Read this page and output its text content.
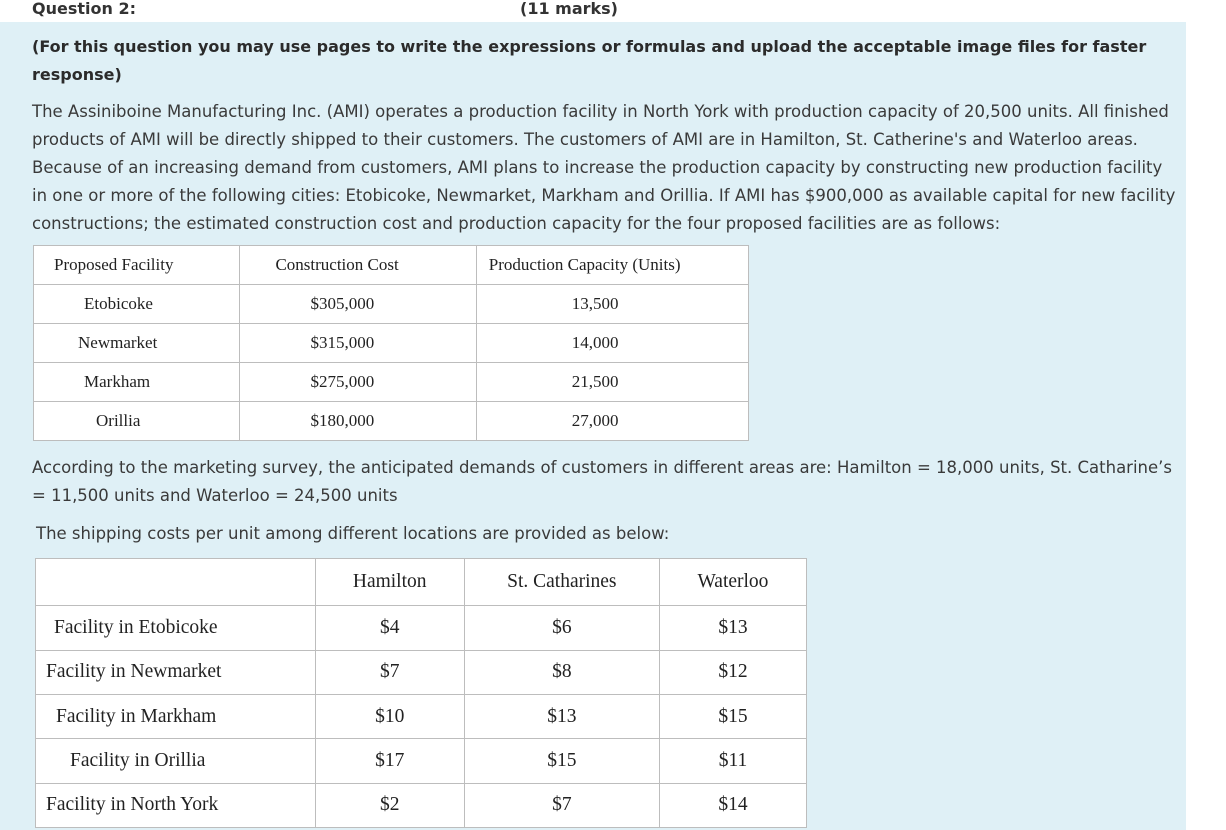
Question 2:	(11 marks)
(For this question you may use pages to write the expressions or formulas and upload the acceptable image files for faster response)
The Assiniboine Manufacturing Inc. (AMI) operates a production facility in North York with production capacity of 20,500 units. All finished products of AMI will be directly shipped to their customers. The customers of AMI are in Hamilton, St. Catherine's and Waterloo areas. Because of an increasing demand from customers, AMI plans to increase the production capacity by constructing new production facility in one or more of the following cities: Etobicoke, Newmarket, Markham and Orillia. If AMI has $900,000 as available capital for new facility constructions; the estimated construction cost and production capacity for the four proposed facilities are as follows:
Proposed Facility	Construction Cost	Production Capacity (Units)
Etobicoke	$305,000	13,500
Newmarket	$315,000	14,000
Markham	$275,000	21,500
Orillia	$180,000	27,000
According to the marketing survey, the anticipated demands of customers in different areas are: Hamilton = 18,000 units, St. Catharine’s = 11,500 units and Waterloo = 24,500 units
The shipping costs per unit among different locations are provided as below:
	Hamilton	St. Catharines	Waterloo
Facility in Etobicoke	$4	$6	$13
Facility in Newmarket	$7	$8	$12
Facility in Markham	$10	$13	$15
Facility in Orillia	$17	$15	$11
Facility in North York	$2	$7	$14
